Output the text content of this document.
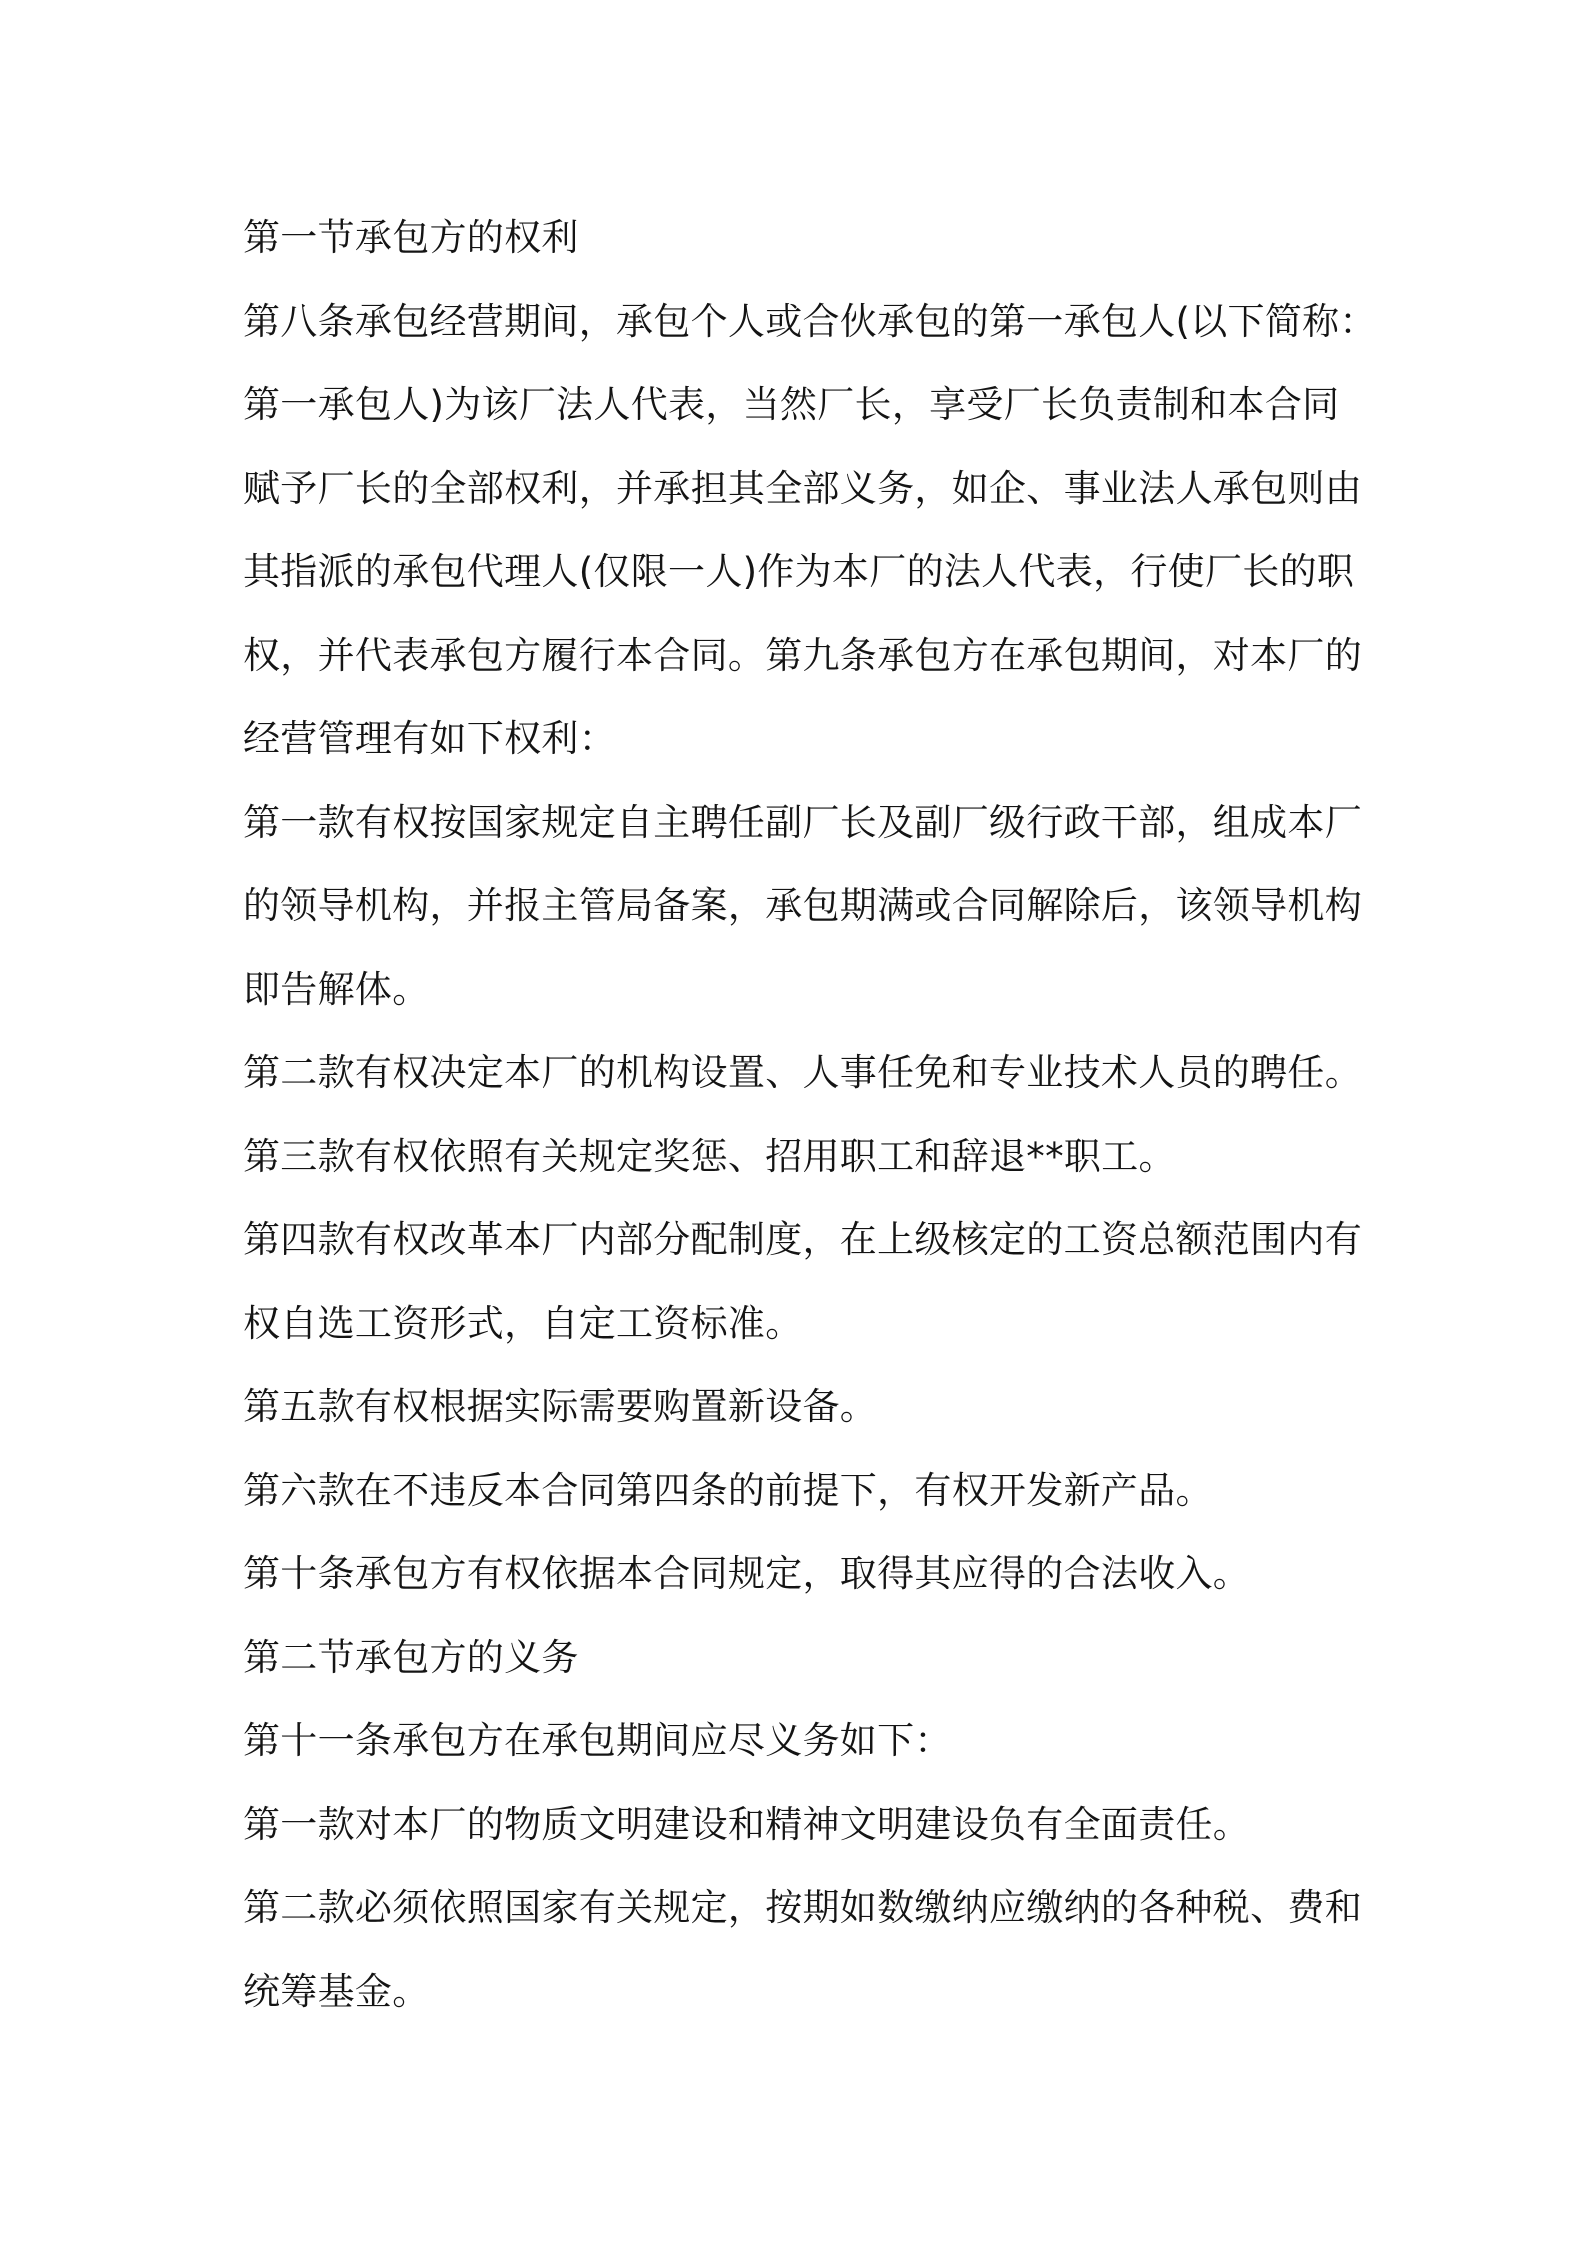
第一节承包方的权利
第八条承包经营期间，承包个人或合伙承包的第一承包人(以下简称：
第一承包人)为该厂法人代表，当然厂长，享受厂长负责制和本合同
赋予厂长的全部权利，并承担其全部义务，如企、事业法人承包则由
其指派的承包代理人(仅限一人)作为本厂的法人代表，行使厂长的职
权，并代表承包方履行本合同。第九条承包方在承包期间，对本厂的
经营管理有如下权利：
第一款有权按国家规定自主聘任副厂长及副厂级行政干部，组成本厂
的领导机构，并报主管局备案，承包期满或合同解除后，该领导机构
即告解体。
第二款有权决定本厂的机构设置、人事任免和专业技术人员的聘任。
第三款有权依照有关规定奖惩、招用职工和辞退**职工。
第四款有权改革本厂内部分配制度，在上级核定的工资总额范围内有
权自选工资形式，自定工资标准。
第五款有权根据实际需要购置新设备。
第六款在不违反本合同第四条的前提下，有权开发新产品。
第十条承包方有权依据本合同规定，取得其应得的合法收入。
第二节承包方的义务
第十一条承包方在承包期间应尽义务如下：
第一款对本厂的物质文明建设和精神文明建设负有全面责任。
第二款必须依照国家有关规定，按期如数缴纳应缴纳的各种税、费和
统筹基金。
